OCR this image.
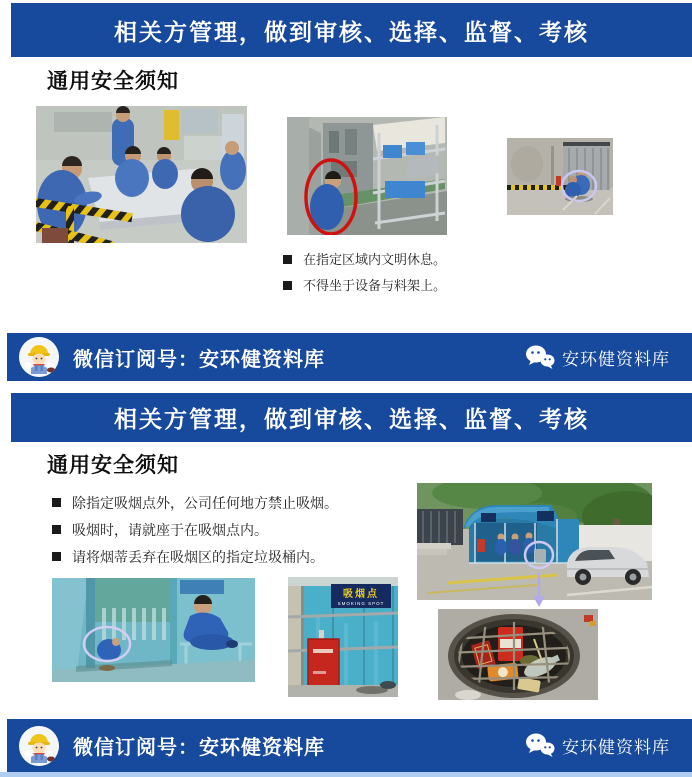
相关方管理，做到审核、选择、监督、考核
通用安全须知
在指定区域内文明休息。
不得坐于设备与料架上。
微信订阅号：安环健资料库	安环健资料库
相关方管理，做到审核、选择、监督、考核
通用安全须知
除指定吸烟点外，公司任何地方禁止吸烟。
吸烟时，请就座于在吸烟点内。
请将烟蒂丢弃在吸烟区的指定垃圾桶内。
吸烟点
SMOKING SPOT
微信订阅号：安环健资料库	安环健资料库
